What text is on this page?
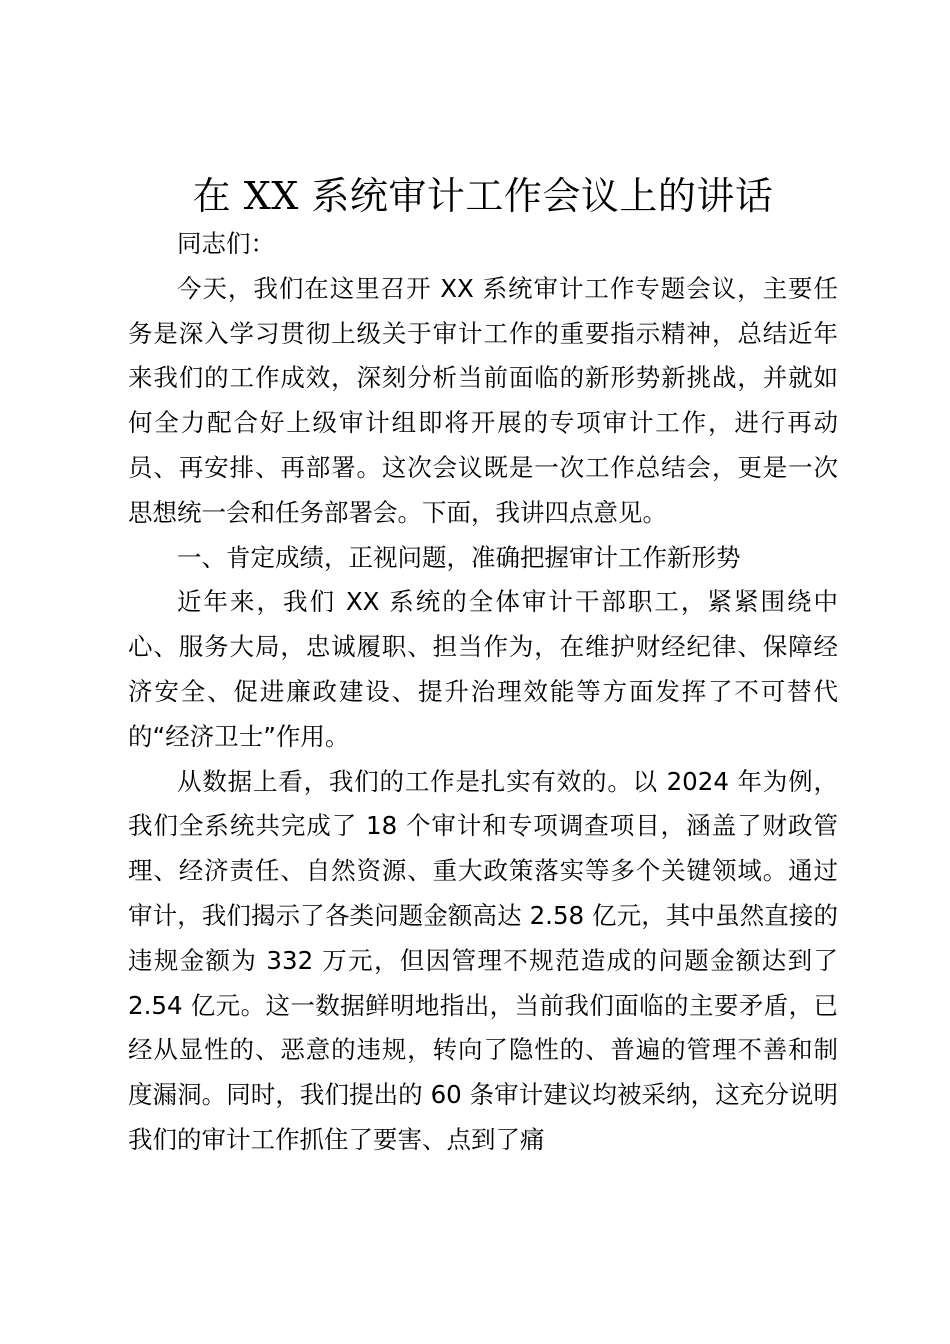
在 XX 系统审计工作会议上的讲话

同志们：

今天，我们在这里召开 XX 系统审计工作专题会议，主要任务是深入学习贯彻上级关于审计工作的重要指示精神，总结近年来我们的工作成效，深刻分析当前面临的新形势新挑战，并就如何全力配合好上级审计组即将开展的专项审计工作，进行再动员、再安排、再部署。这次会议既是一次工作总结会，更是一次思想统一会和任务部署会。下面，我讲四点意见。

一、肯定成绩，正视问题，准确把握审计工作新形势

近年来，我们 XX 系统的全体审计干部职工，紧紧围绕中心、服务大局，忠诚履职、担当作为，在维护财经纪律、保障经济安全、促进廉政建设、提升治理效能等方面发挥了不可替代的“经济卫士”作用。

从数据上看，我们的工作是扎实有效的。以 2024 年为例，我们全系统共完成了 18 个审计和专项调查项目，涵盖了财政管理、经济责任、自然资源、重大政策落实等多个关键领域。通过审计，我们揭示了各类问题金额高达 2.58 亿元，其中虽然直接的违规金额为 332 万元，但因管理不规范造成的问题金额达到了 2.54 亿元。这一数据鲜明地指出，当前我们面临的主要矛盾，已经从显性的、恶意的违规，转向了隐性的、普遍的管理不善和制度漏洞。同时，我们提出的 60 条审计建议均被采纳，这充分说明我们的审计工作抓住了要害、点到了痛
